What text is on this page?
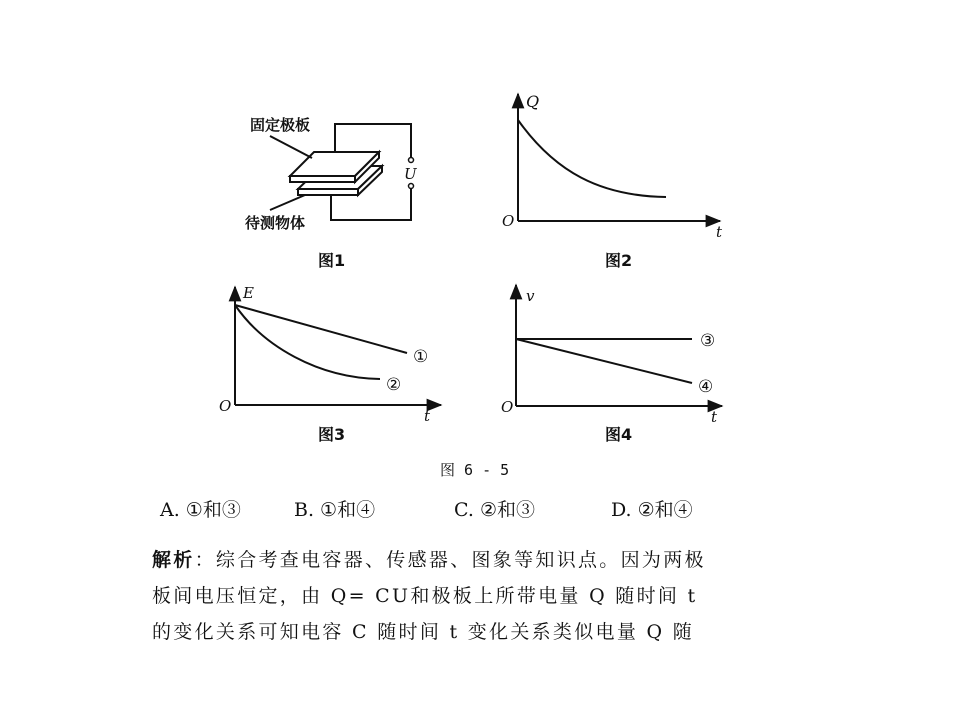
固定极板
待测物体
U
图1
Q
O
t
图2
E
O
t
①
②
图3
v
O
t
③
④
图4
图 6 - 5
A. ①和③	B. ①和④	C. ②和③	D. ②和④
解析：综合考查电容器、传感器、图象等知识点。因为两极
板间电压恒定，由 Q= CU和极板上所带电量 Q 随时间 t
的变化关系可知电容 C 随时间 t 变化关系类似电量 Q 随
